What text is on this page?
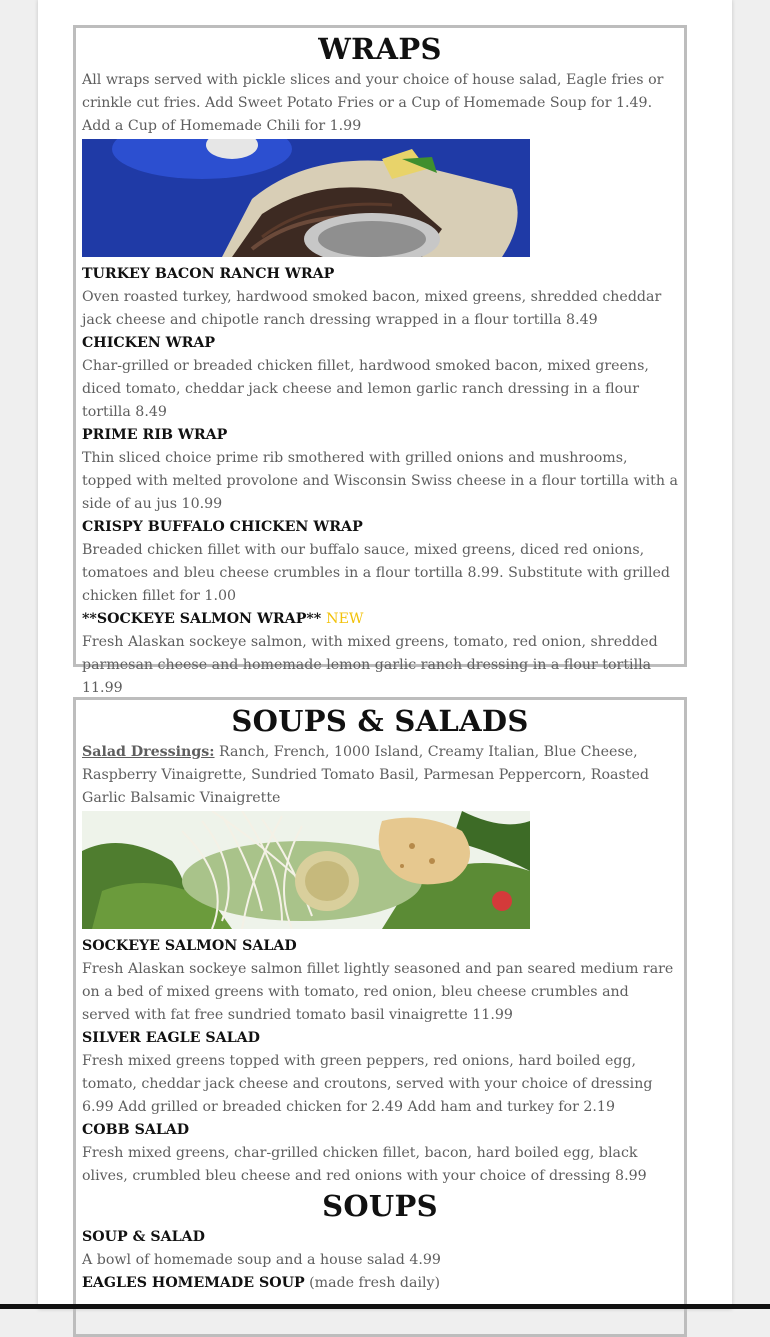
WRAPS

All wraps served with pickle slices and your choice of house salad, Eagle fries or crinkle cut fries. Add Sweet Potato Fries or a Cup of Homemade Soup for 1.49. Add a Cup of Homemade Chili for 1.99

TURKEY BACON RANCH WRAP

Oven roasted turkey, hardwood smoked bacon, mixed greens, shredded cheddar jack cheese and chipotle ranch dressing wrapped in a flour tortilla 8.49

CHICKEN WRAP

Char-grilled or breaded chicken fillet, hardwood smoked bacon, mixed greens, diced tomato, cheddar jack cheese and lemon garlic ranch dressing in a flour tortilla 8.49

PRIME RIB WRAP

Thin sliced choice prime rib smothered with grilled onions and mushrooms, topped with melted provolone and Wisconsin Swiss cheese in a flour tortilla with a side of au jus 10.99

CRISPY BUFFALO CHICKEN WRAP

Breaded chicken fillet with our buffalo sauce, mixed greens, diced red onions, tomatoes and bleu cheese crumbles in a flour tortilla 8.99. Substitute with grilled chicken fillet for 1.00

**SOCKEYE SALMON WRAP** NEW

Fresh Alaskan sockeye salmon, with mixed greens, tomato, red onion, shredded parmesan cheese and homemade lemon garlic ranch dressing in a flour tortilla 11.99

SOUPS & SALADS

Salad Dressings: Ranch, French, 1000 Island, Creamy Italian, Blue Cheese, Raspberry Vinaigrette, Sundried Tomato Basil, Parmesan Peppercorn, Roasted Garlic Balsamic Vinaigrette

SOCKEYE SALMON SALAD

Fresh Alaskan sockeye salmon fillet lightly seasoned and pan seared medium rare on a bed of mixed greens with tomato, red onion, bleu cheese crumbles and served with fat free sundried tomato basil vinaigrette 11.99

SILVER EAGLE SALAD

Fresh mixed greens topped with green peppers, red onions, hard boiled egg, tomato, cheddar jack cheese and croutons, served with your choice of dressing 6.99 Add grilled or breaded chicken for 2.49 Add ham and turkey for 2.19

COBB SALAD

Fresh mixed greens, char-grilled chicken fillet, bacon, hard boiled egg, black olives, crumbled bleu cheese and red onions with your choice of dressing 8.99

SOUPS
SOUP & SALAD

A bowl of homemade soup and a house salad 4.99

EAGLES HOMEMADE SOUP (made fresh daily)
